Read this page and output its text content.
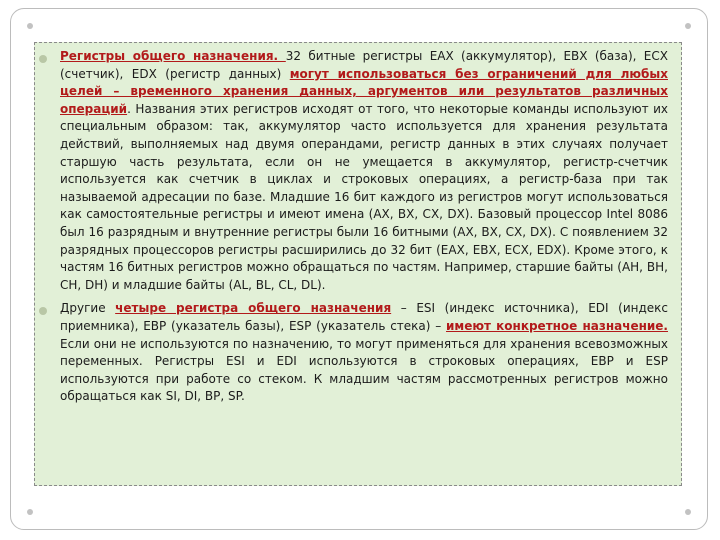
Регистры общего назначения. 32 битные регистры EAX (аккумулятор), EBX (база), ECX (счетчик), EDX (регистр данных) могут использоваться без ограничений для любых целей – временного хранения данных, аргументов или результатов различных операций. Названия этих регистров исходят от того, что некоторые команды используют их специальным образом: так, аккумулятор часто используется для хранения результата действий, выполняемых над двумя операндами, регистр данных в этих случаях получает старшую часть результата, если он не умещается в аккумулятор, регистр-счетчик используется как счетчик в циклах и строковых операциях, а регистр-база при так называемой адресации по базе. Младшие 16 бит каждого из регистров могут использоваться как самостоятельные регистры и имеют имена (AX, BX, CX, DX). Базовый процессор Intel 8086 был 16 разрядным и внутренние регистры были 16 битными (AX, BX, CX, DX). С появлением 32 разрядных процессоров регистры расширились до 32 бит (EAX, EBX, ECX, EDX). Кроме этого, к частям 16 битных регистров можно обращаться по частям. Например, старшие байты (AH, BH, CH, DH) и младшие байты (AL, BL, CL, DL).

Другие четыре регистра общего назначения – ESI (индекс источника), EDI (индекс приемника), EBP (указатель базы), ESP (указатель стека) – имеют конкретное назначение. Если они не используются по назначению, то могут применяться для хранения всевозможных переменных. Регистры ESI и EDI используются в строковых операциях, EBP и ESP используются при работе со стеком. К младшим частям рассмотренных регистров можно обращаться как SI, DI, BP, SP.
